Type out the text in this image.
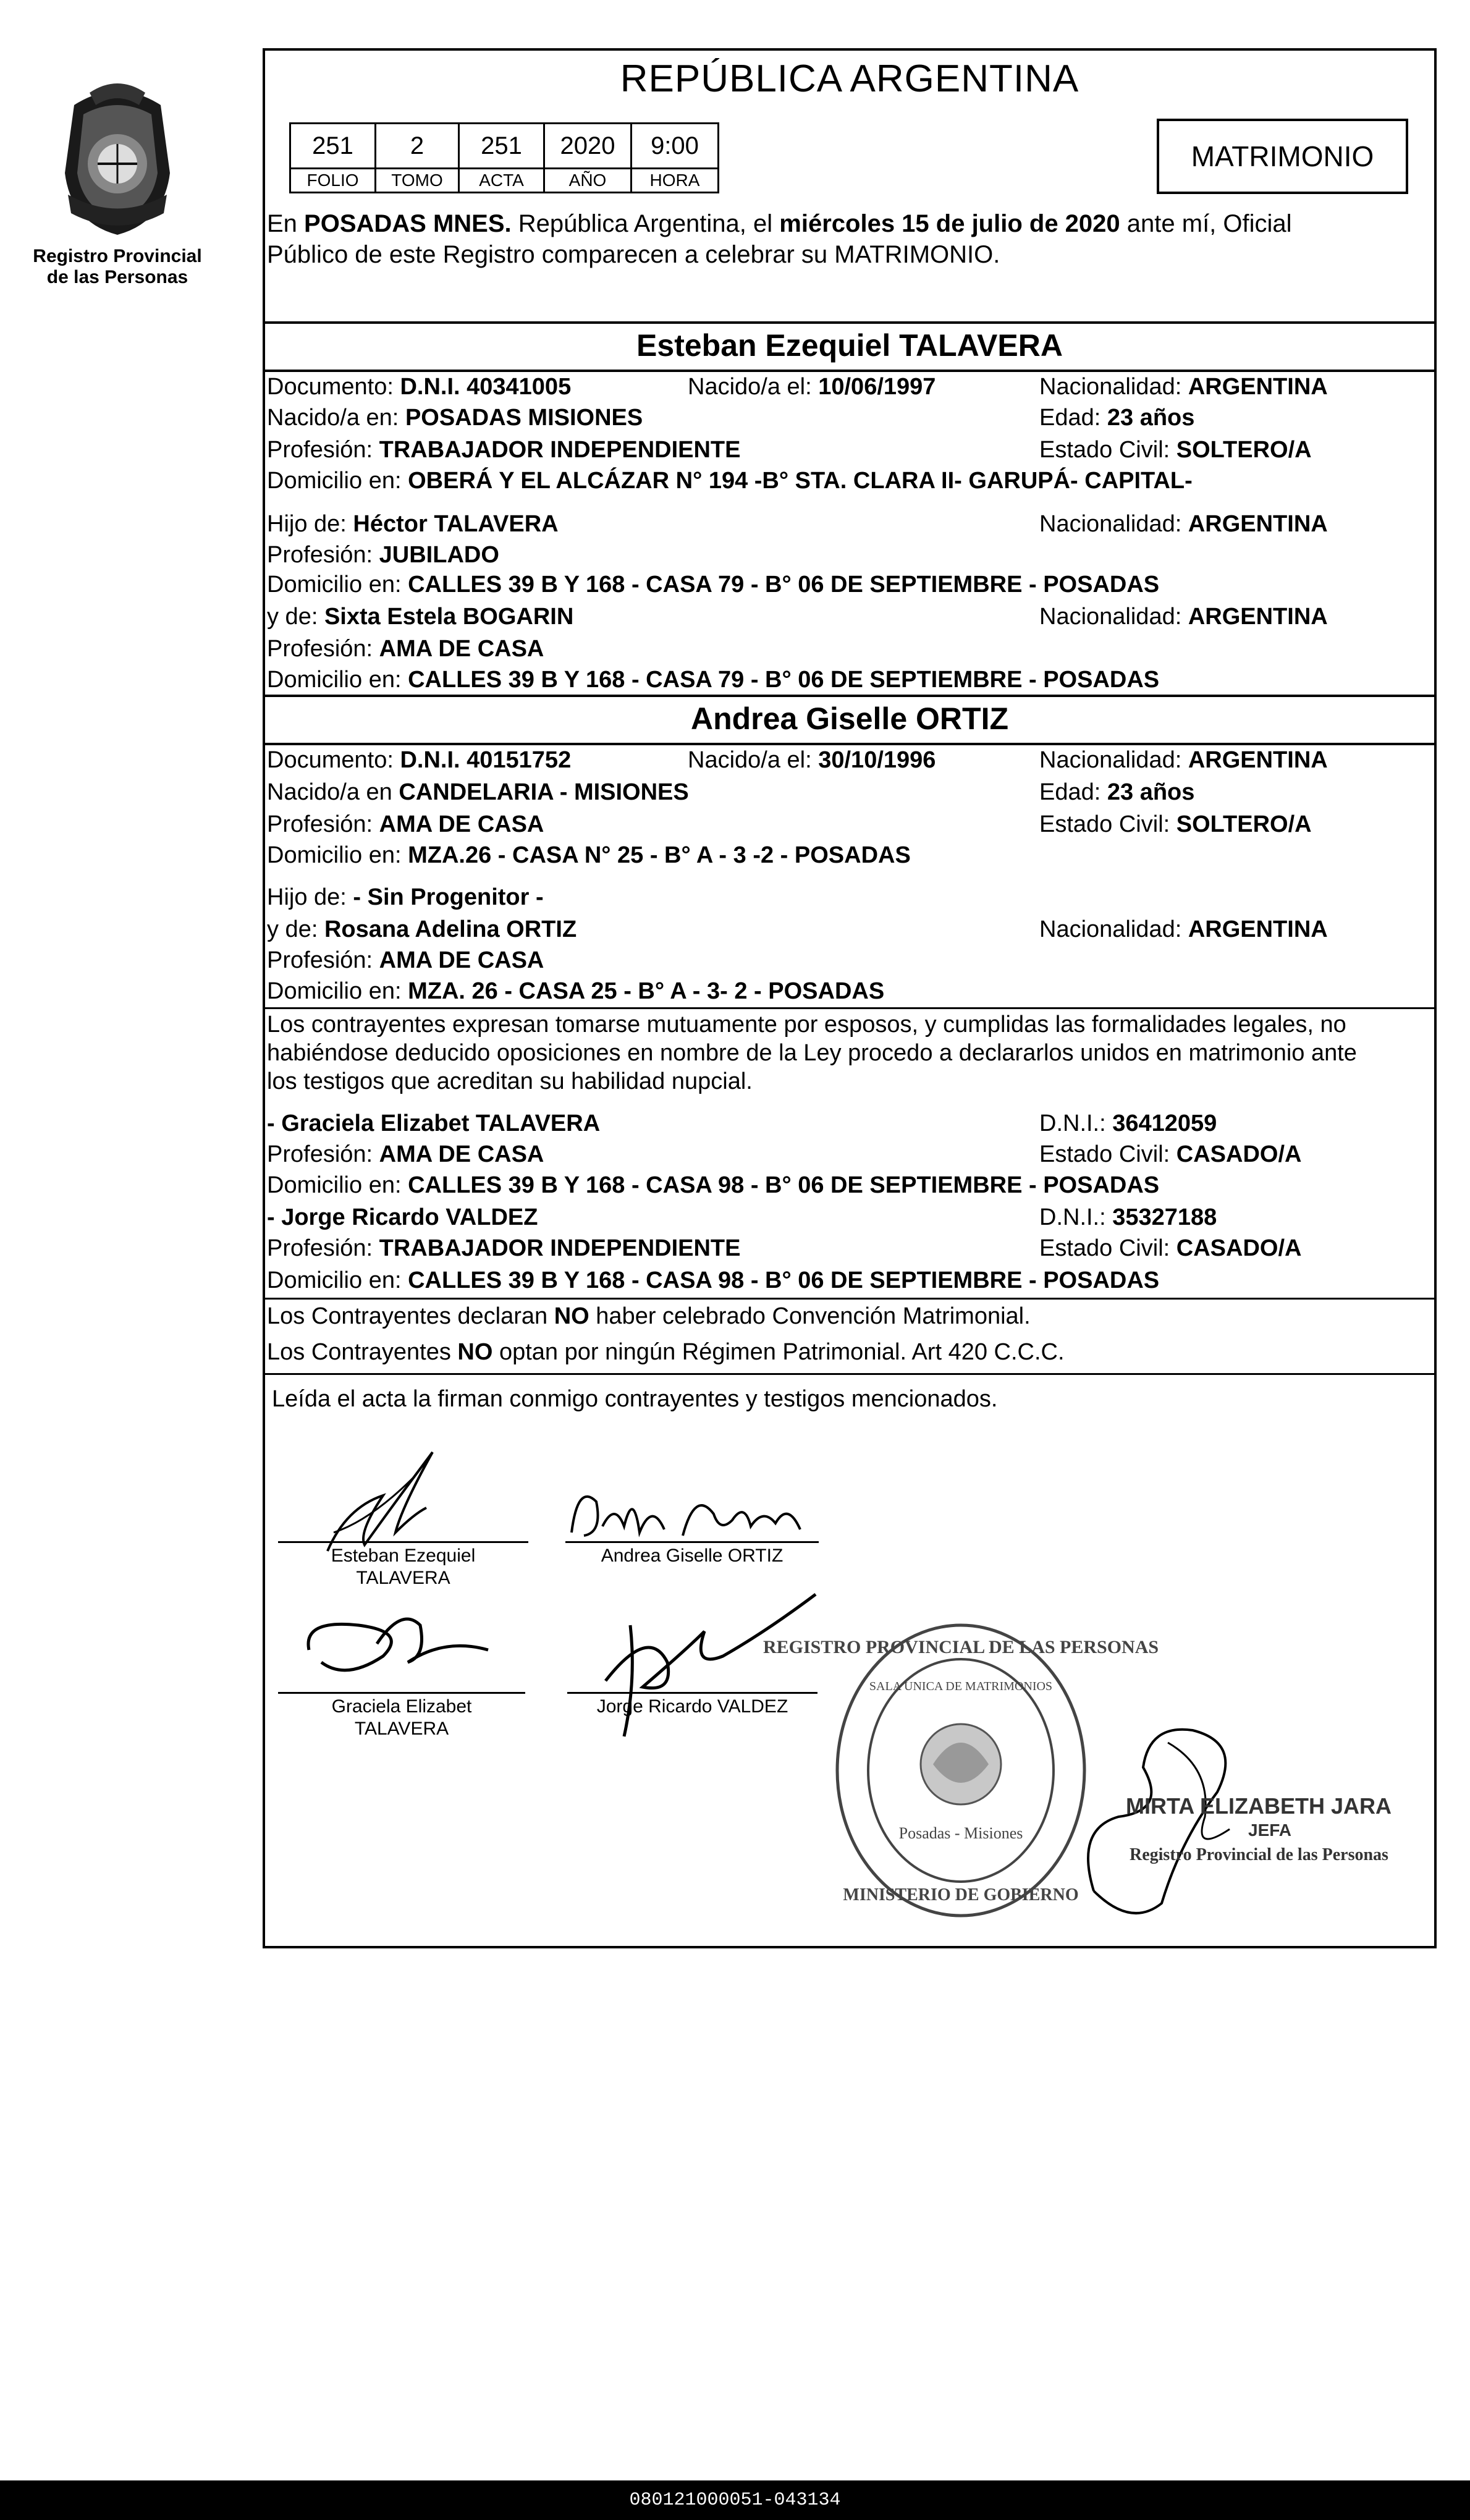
Registro Provincial
de las Personas
REPÚBLICA ARGENTINA
251	2	251	2020	9:00
FOLIO	TOMO	ACTA	AÑO	HORA
MATRIMONIO
En POSADAS MNES. República Argentina, el miércoles 15 de julio de 2020 ante mí, Oficial
Público de este Registro comparecen a celebrar su MATRIMONIO.
Esteban Ezequiel TALAVERA
Documento: D.N.I. 40341005	Nacido/a el: 10/06/1997	Nacionalidad: ARGENTINA
Nacido/a en: POSADAS MISIONES	Edad: 23 años
Profesión: TRABAJADOR INDEPENDIENTE	Estado Civil: SOLTERO/A
Domicilio en: OBERÁ Y EL ALCÁZAR N° 194 -B° STA. CLARA II- GARUPÁ- CAPITAL-
Hijo de: Héctor TALAVERA	Nacionalidad: ARGENTINA
Profesión: JUBILADO
Domicilio en: CALLES 39 B Y 168 - CASA 79 - B° 06 DE SEPTIEMBRE - POSADAS
y de: Sixta Estela BOGARIN	Nacionalidad: ARGENTINA
Profesión: AMA DE CASA
Domicilio en: CALLES 39 B Y 168 - CASA 79 - B° 06 DE SEPTIEMBRE - POSADAS
Andrea Giselle ORTIZ
Documento: D.N.I. 40151752	Nacido/a el: 30/10/1996	Nacionalidad: ARGENTINA
Nacido/a en CANDELARIA - MISIONES	Edad: 23 años
Profesión: AMA DE CASA	Estado Civil: SOLTERO/A
Domicilio en: MZA.26 - CASA N° 25 - B° A - 3 -2 - POSADAS
Hijo de: - Sin Progenitor -
y de: Rosana Adelina ORTIZ	Nacionalidad: ARGENTINA
Profesión: AMA DE CASA
Domicilio en: MZA. 26 - CASA 25 - B° A - 3- 2 - POSADAS
Los contrayentes expresan tomarse mutuamente por esposos, y cumplidas las formalidades legales, no
habiéndose deducido oposiciones en nombre de la Ley procedo a declararlos unidos en matrimonio ante
los testigos que acreditan su habilidad nupcial.
- Graciela Elizabet TALAVERA	D.N.I.: 36412059
Profesión: AMA DE CASA	Estado Civil: CASADO/A
Domicilio en: CALLES 39 B Y 168 - CASA 98 - B° 06 DE SEPTIEMBRE - POSADAS
- Jorge Ricardo VALDEZ	D.N.I.: 35327188
Profesión: TRABAJADOR INDEPENDIENTE	Estado Civil: CASADO/A
Domicilio en: CALLES 39 B Y 168 - CASA 98 - B° 06 DE SEPTIEMBRE - POSADAS
Los Contrayentes declaran NO haber celebrado Convención Matrimonial.
Los Contrayentes NO optan por ningún Régimen Patrimonial. Art 420 C.C.C.
Leída el acta la firman conmigo contrayentes y testigos mencionados.
Esteban Ezequiel
TALAVERA
Andrea Giselle ORTIZ
Graciela Elizabet
TALAVERA
Jorge Ricardo VALDEZ
REGISTRO PROVINCIAL DE LAS PERSONAS
SALA UNICA DE MATRIMONIOS
Posadas - Misiones
MINISTERIO DE GOBIERNO
MIRTA ELIZABETH JARA
JEFA
Registro Provincial de las Personas
080121000051-043134
